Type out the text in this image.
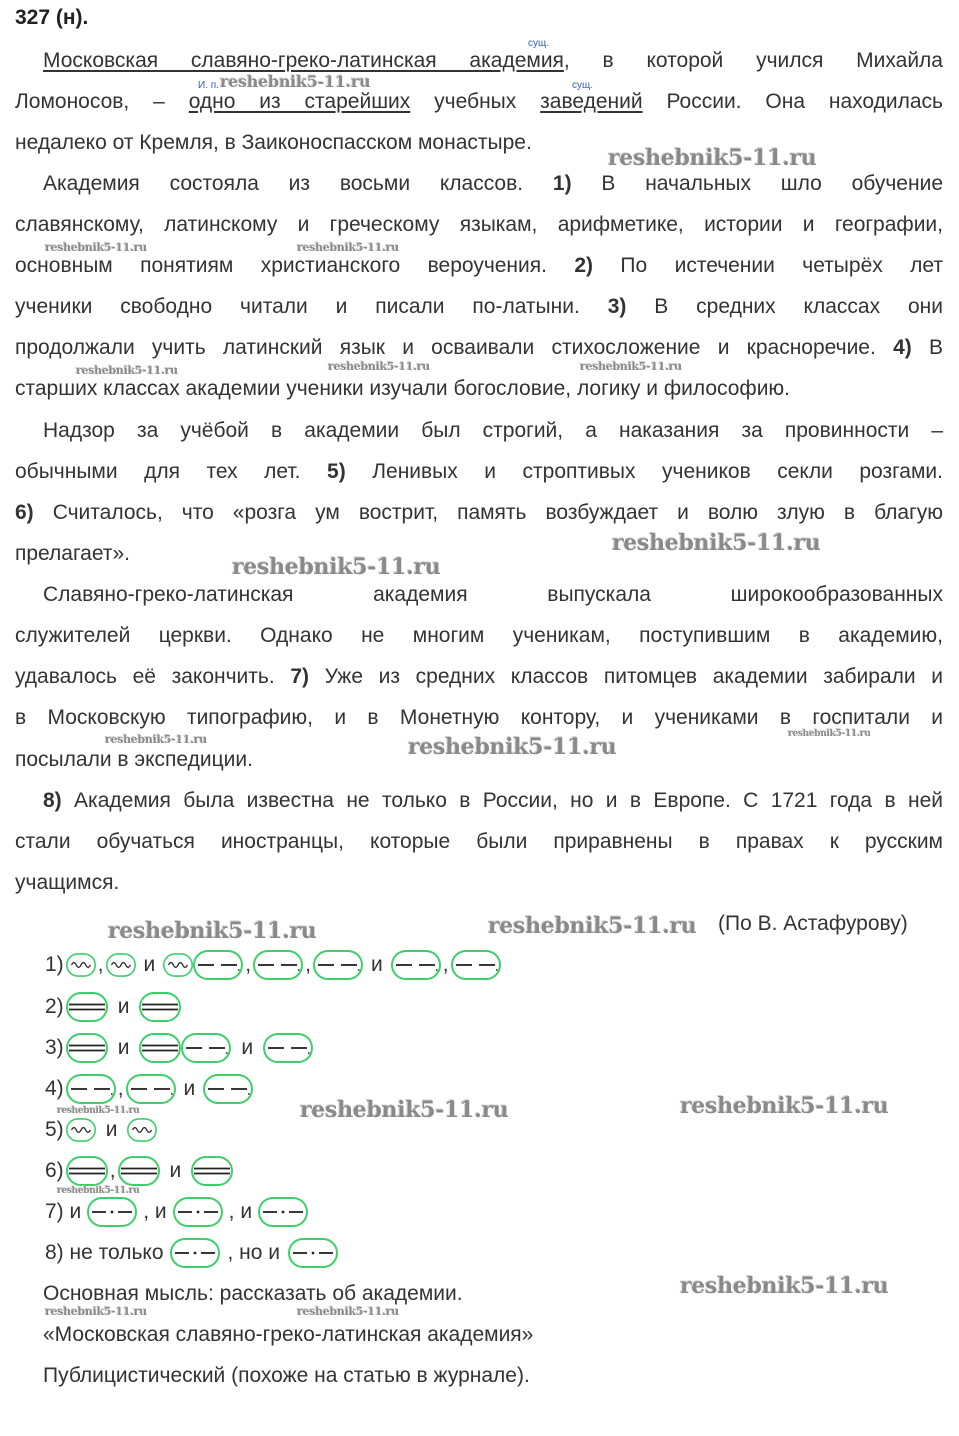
327 (н).
сущ.
И. п.	сущ.
Московская славяно-греко-латинская академия, в которой учился Михайла
Ломоносов, – одно из старейших учебных заведений России. Она находилась
недалеко от Кремля, в Заиконоспасском монастыре.
Академия состояла из восьми классов. 1) В начальных шло обучение
славянскому, латинскому и греческому языкам, арифметике, истории и географии,
основным понятиям христианского вероучения. 2) По истечении четырёх лет
ученики свободно читали и писали по-латыни. 3) В средних классах они
продолжали учить латинский язык и осваивали стихосложение и красноречие. 4) В
старших классах академии ученики изучали богословие, логику и философию.
Надзор за учёбой в академии был строгий, а наказания за провинности –
обычными для тех лет. 5) Ленивых и строптивых учеников секли розгами.
6) Считалось, что «розга ум вострит, память возбуждает и волю злую в благую
прелагает».
Славяно-греко-латинская академия выпускала широкообразованных
служителей церкви. Однако не многим ученикам, поступившим в академию,
удавалось её закончить. 7) Уже из средних классов питомцев академии забирали и
в Московскую типографию, и в Монетную контору, и учениками в госпитали и
посылали в экспедиции.
8) Академия была известна не только в России, но и в Европе. С 1721 года в ней
стали обучаться иностранцы, которые были приравнены в правах к русским
учащимся.
(По В. Астафурову)
1) , и	,	,	и	,
2)	и
3)	и	и
4)	,	и
5) и
6) ,	и
7) и	, и	, и
8) не только	, но и
Основная мысль: рассказать об академии.
«Московская славяно-греко-латинская академия»
Публицистический (похоже на статью в журнале).
reshebnik5-11.ru
reshebnik5-11.ru
reshebnik5-11.ru	reshebnik5-11.ru
reshebnik5-11.ru	reshebnik5-11.ru	reshebnik5-11.ru
reshebnik5-11.ru
reshebnik5-11.ru
reshebnik5-11.ru	reshebnik5-11.ru	reshebnik5-11.ru
reshebnik5-11.ru	reshebnik5-11.ru
reshebnik5-11.ru	reshebnik5-11.ru	reshebnik5-11.ru
reshebnik5-11.ru
reshebnik5-11.ru
reshebnik5-11.ru	reshebnik5-11.ru
